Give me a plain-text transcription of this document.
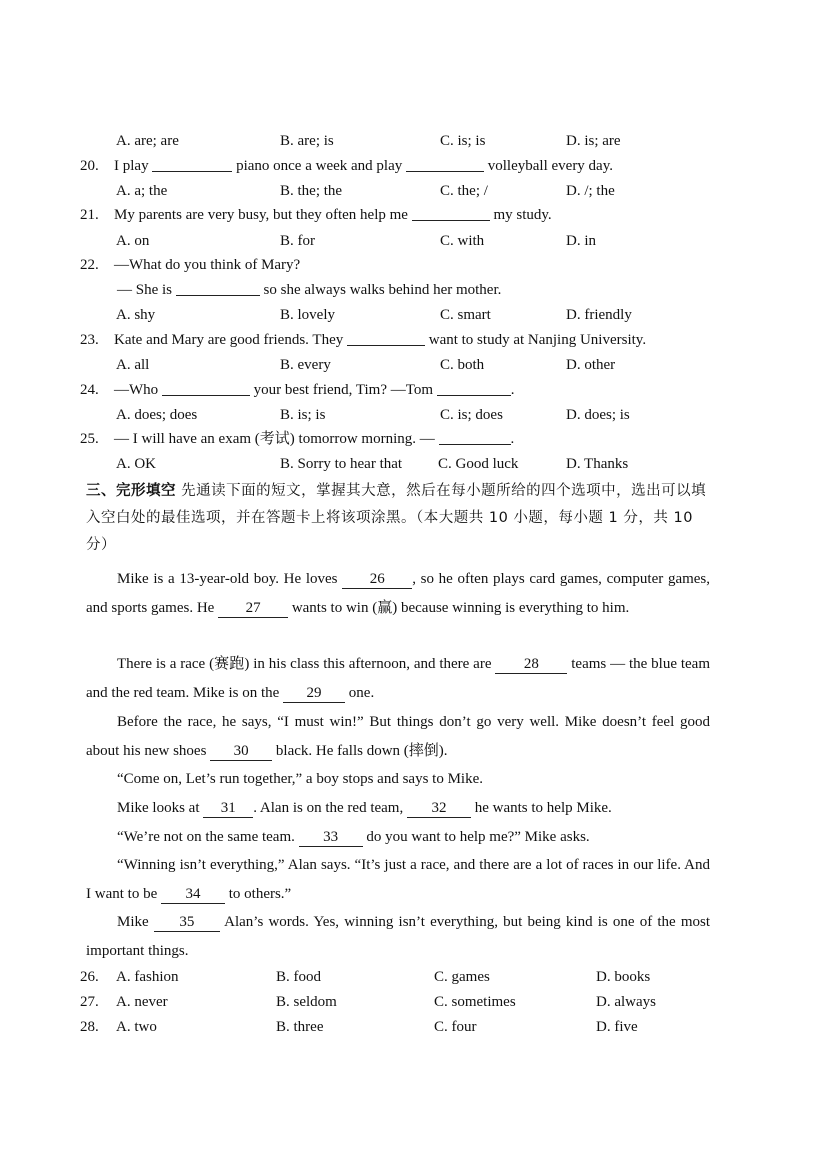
A. are; are	B. are; is	C. is; is	D. is; are
20. I play	piano once a week and play	volleyball every day.
A. a; the	B. the; the	C. the; /	D. /; the
21. My parents are very busy, but they often help me	my study.
A. on	B. for	C. with	D. in
22. —What do you think of Mary?
— She is	so she always walks behind her mother.
A. shy	B. lovely	C. smart	D. friendly
23. Kate and Mary are good friends. They	want to study at Nanjing University.
A. all	B. every	C. both	D. other
24. —Who	your best friend, Tim? —Tom	.
A. does; does	B. is; is	C. is; does	D. does; is
25. — I will have an exam (考试) tomorrow morning. —	.
A. OK	B. Sorry to hear that C. Good luck	D. Thanks
三、完形填空 先通读下面的短文，掌握其大意，然后在每小题所给的四个选项中，选出可以填入空白处的最佳选项，并在答题卡上将该项涂黑。（本大题共 10 小题，每小题 1 分，共 10 分）
Mike is a 13-year-old boy. He loves 26 , so he often plays card games, computer games, and sports games. He 27 wants to win (赢) because winning is everything to him.
There is a race (赛跑) in his class this afternoon, and there are 28 teams — the blue team and the red team. Mike is on the 29 one.
Before the race, he says, “I must win!” But things don’t go very well. Mike doesn’t feel good about his new shoes 30 black. He falls down (摔倒).
“Come on, Let’s run together,” a boy stops and says to Mike.
Mike looks at 31 . Alan is on the red team, 32 he wants to help Mike.
“We’re not on the same team. 33 do you want to help me?” Mike asks.
“Winning isn’t everything,” Alan says. “It’s just a race, and there are a lot of races in our life. And I want to be 34 to others.”
Mike 35 Alan’s words. Yes, winning isn’t everything, but being kind is one of the most important things.
26. A. fashion	B. food	C. games	D. books
27. A. never	B. seldom	C. sometimes	D. always
28. A. two	B. three	C. four	D. five
